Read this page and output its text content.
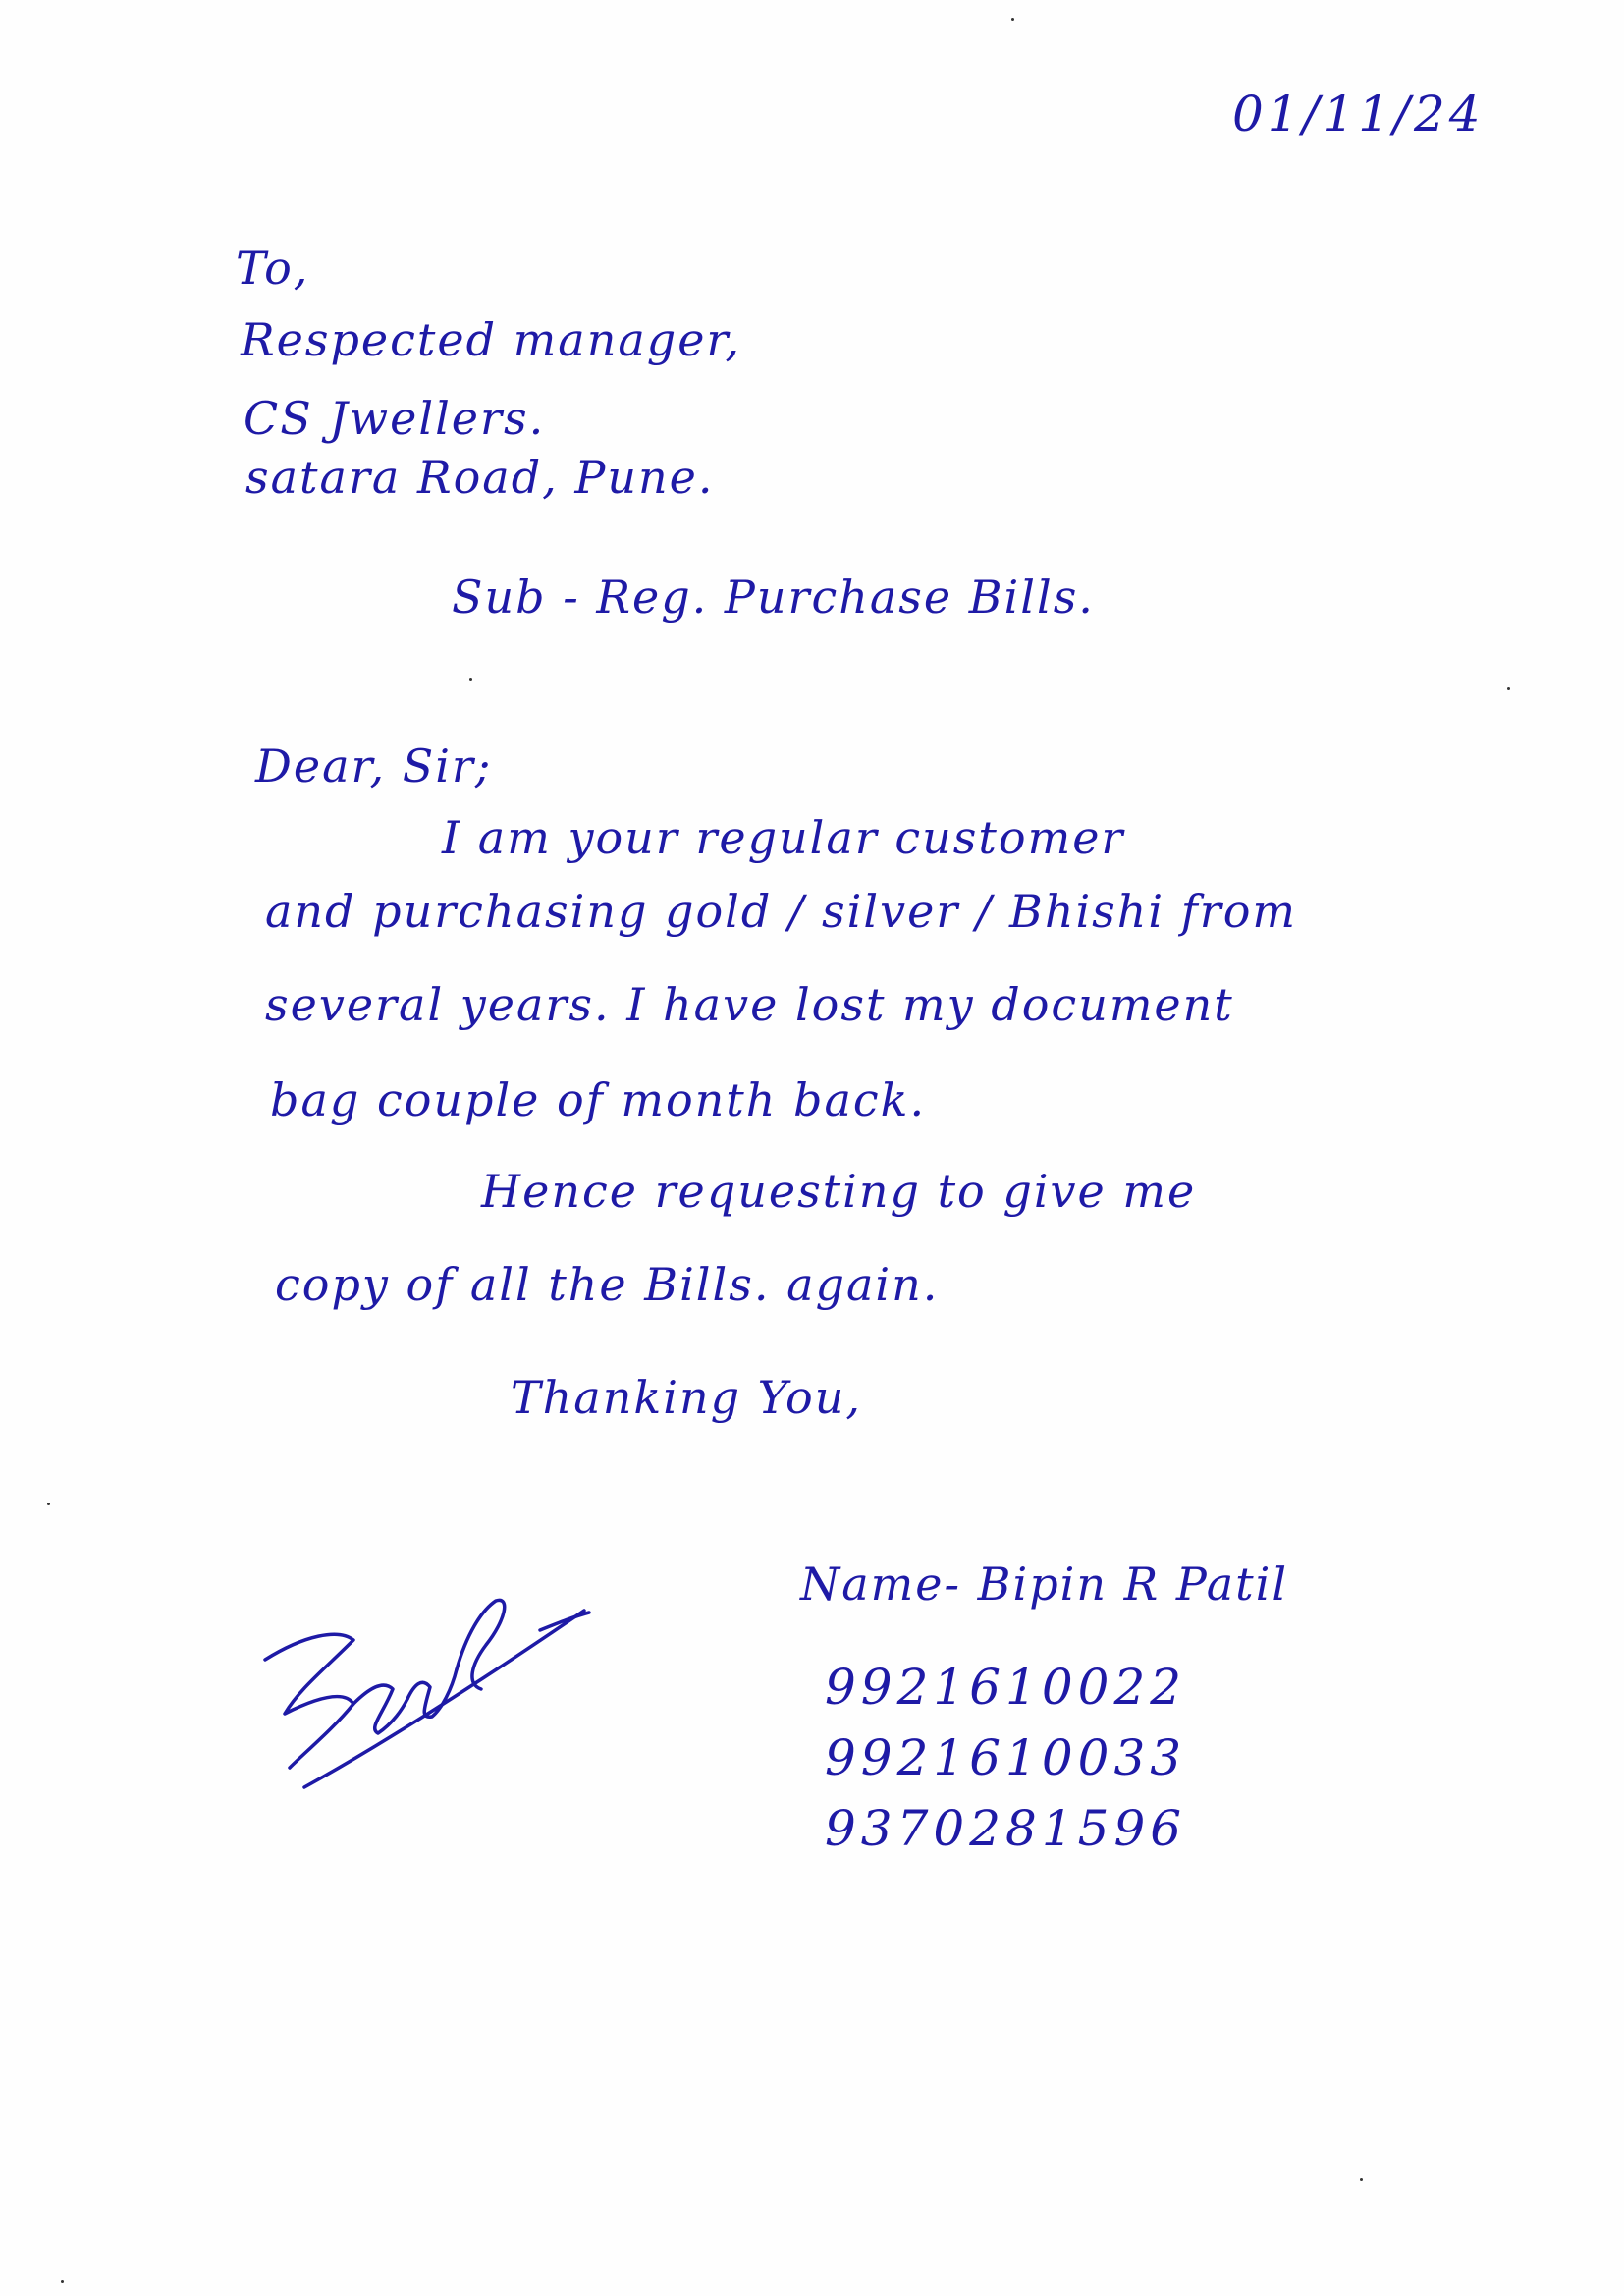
01/11/24
To,
Respected manager,
CS Jwellers.
satara Road, Pune.
Sub - Reg. Purchase Bills.
Dear, Sir;
I am your regular customer
and purchasing gold / silver / Bhishi from
several years. I have lost my document
bag couple of month back.
Hence requesting to give me
copy of all the Bills. again.
Thanking You,
Name- Bipin R Patil
9921610022
9921610033
9370281596
